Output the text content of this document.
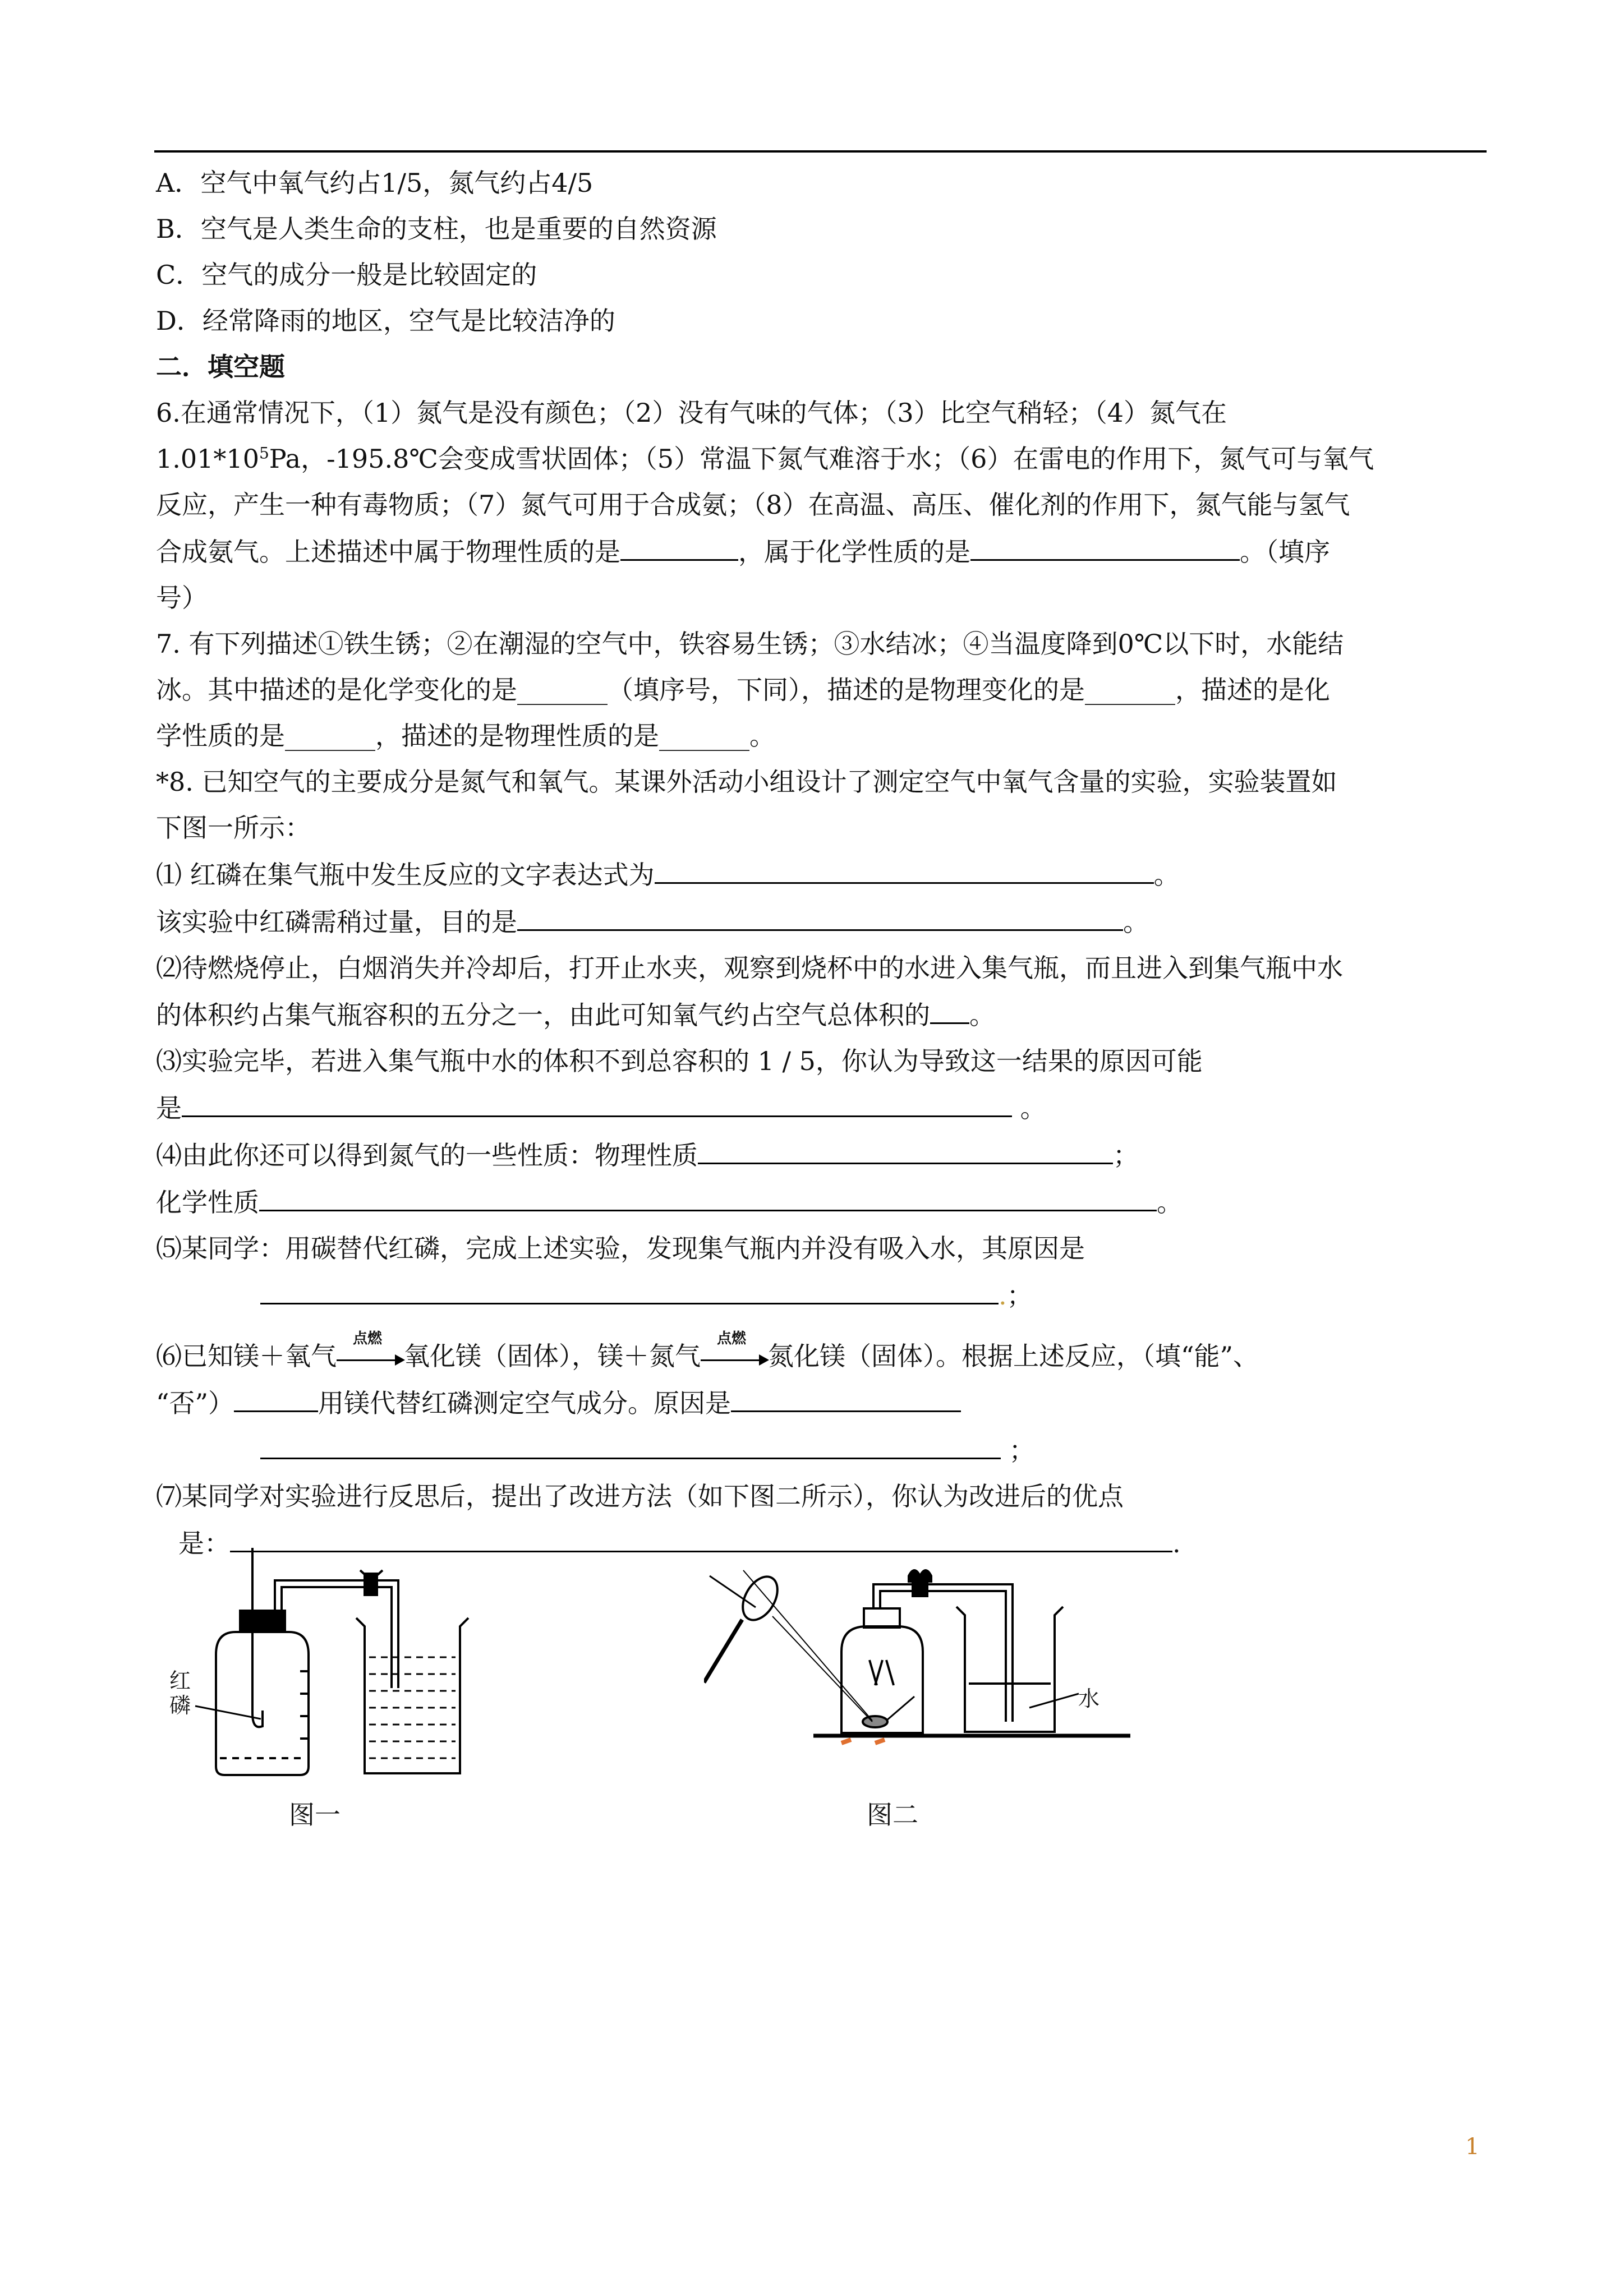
A．空气中氧气约占1/5，氮气约占4/5
B．空气是人类生命的支柱，也是重要的自然资源
C．空气的成分一般是比较固定的
D．经常降雨的地区，空气是比较洁净的
二．填空题
6.在通常情况下，（1）氮气是没有颜色；（2）没有气味的气体；（3）比空气稍轻；（4）氮气在
$1.01*10^5Pa$，-195.8℃会变成雪状固体；（5）常温下氮气难溶于水；（6）在雷电的作用下，氮气可与氧气
反应，产生一种有毒物质；（7）氮气可用于合成氨；（8）在高温、高压、催化剂的作用下，氮气能与氢气
合成氨气。上述描述中属于物理性质的是	，属于化学性质的是	。（填序
号）
7. 有下列描述①铁生锈；②在潮湿的空气中，铁容易生锈；③水结冰；④当温度降到0℃以下时，水能结
冰。其中描述的是化学变化的是_______（填序号，下同），描述的是物理变化的是_______，描述的是化
学性质的是_______，描述的是物理性质的是_______。
*8. 已知空气的主要成分是氮气和氧气。某课外活动小组设计了测定空气中氧气含量的实验，实验装置如
下图一所示：
⑴ 红磷在集气瓶中发生反应的文字表达式为	。
该实验中红磷需稍过量，目的是	。
⑵待燃烧停止，白烟消失并冷却后，打开止水夹，观察到烧杯中的水进入集气瓶，而且进入到集气瓶中水
的体积约占集气瓶容积的五分之一，由此可知氧气约占空气总体积的 。
⑶实验完毕，若进入集气瓶中水的体积不到总容积的 1 / 5，你认为导致这一结果的原因可能
是	。
⑷由此你还可以得到氮气的一些性质：物理性质	；
化学性质	。
⑸某同学：用碳替代红磷，完成上述实验，发现集气瓶内并没有吸入水，其原因是
.；
⑹已知镁＋氧气
点燃
氧化镁（固体），镁＋氮气
点燃
氮化镁（固体）。根据上述反应，（填“能”、
“否”）	用镁代替红磷测定空气成分。原因是
；
⑺某同学对实验进行反思后，提出了改进方法（如下图二所示），你认为改进后的优点
是：	.
红磷
图一
水
图二
1
